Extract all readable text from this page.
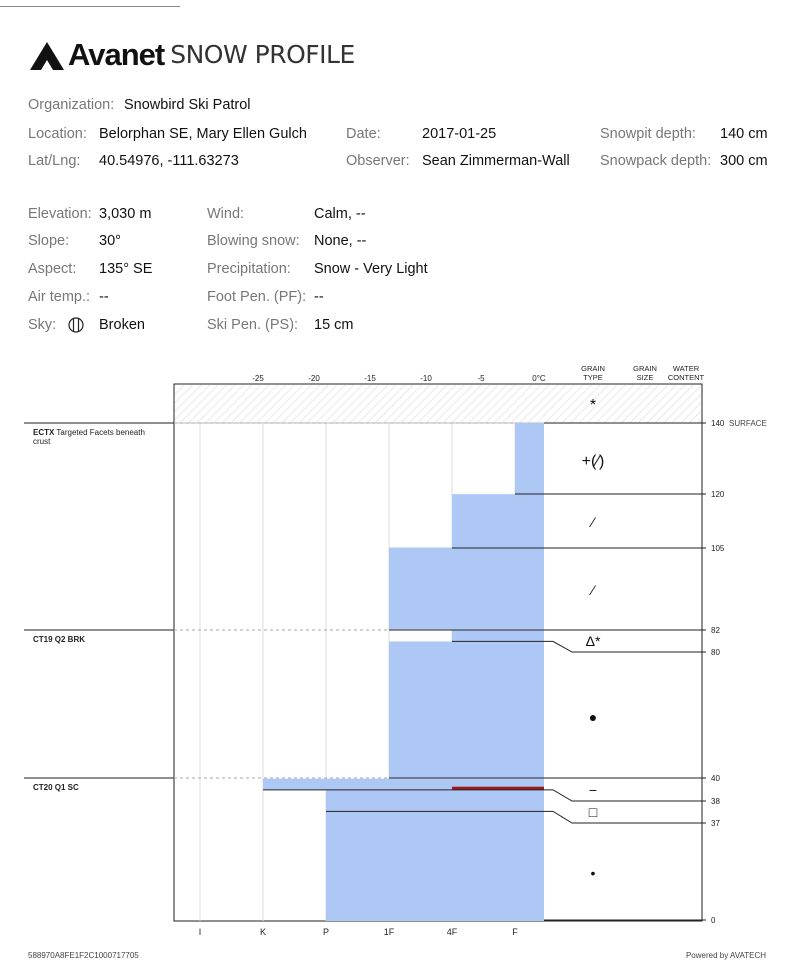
Avanet SNOW PROFILE
Organization: Snowbird Ski Patrol
Location: Belorphan SE, Mary Ellen Gulch	Date:	2017-01-25	Snowpit depth: 140 cm
Lat/Lng: 40.54976, -111.63273	Observer: Sean Zimmerman-Wall Snowpack depth: 300 cm
Elevation: 3,030 m
Slope: 30°
Aspect: 135° SE
Air temp.: --
Sky:	Broken
Wind:	Calm, --
Blowing snow: None, --
Precipitation: Snow - Very Light
Foot Pen. (PF): --
Ski Pen. (PS): 15 cm
-25	-20	-15	-10	-5	0°C
GRAIN
TYPE
GRAIN
SIZE
WATER
CONTENT
I	K	P	1F	4F	F
*
140
120
105
82
80
40
38
37
0
SURFACE
+(⁄)
⁄
⁄
Δ*
●
−
□
•
ECTX Targeted Facets beneath
crust
CT19 Q2 BRK
CT20 Q1 SC
588970A8FE1F2C1000717705	Powered by AVATECH
